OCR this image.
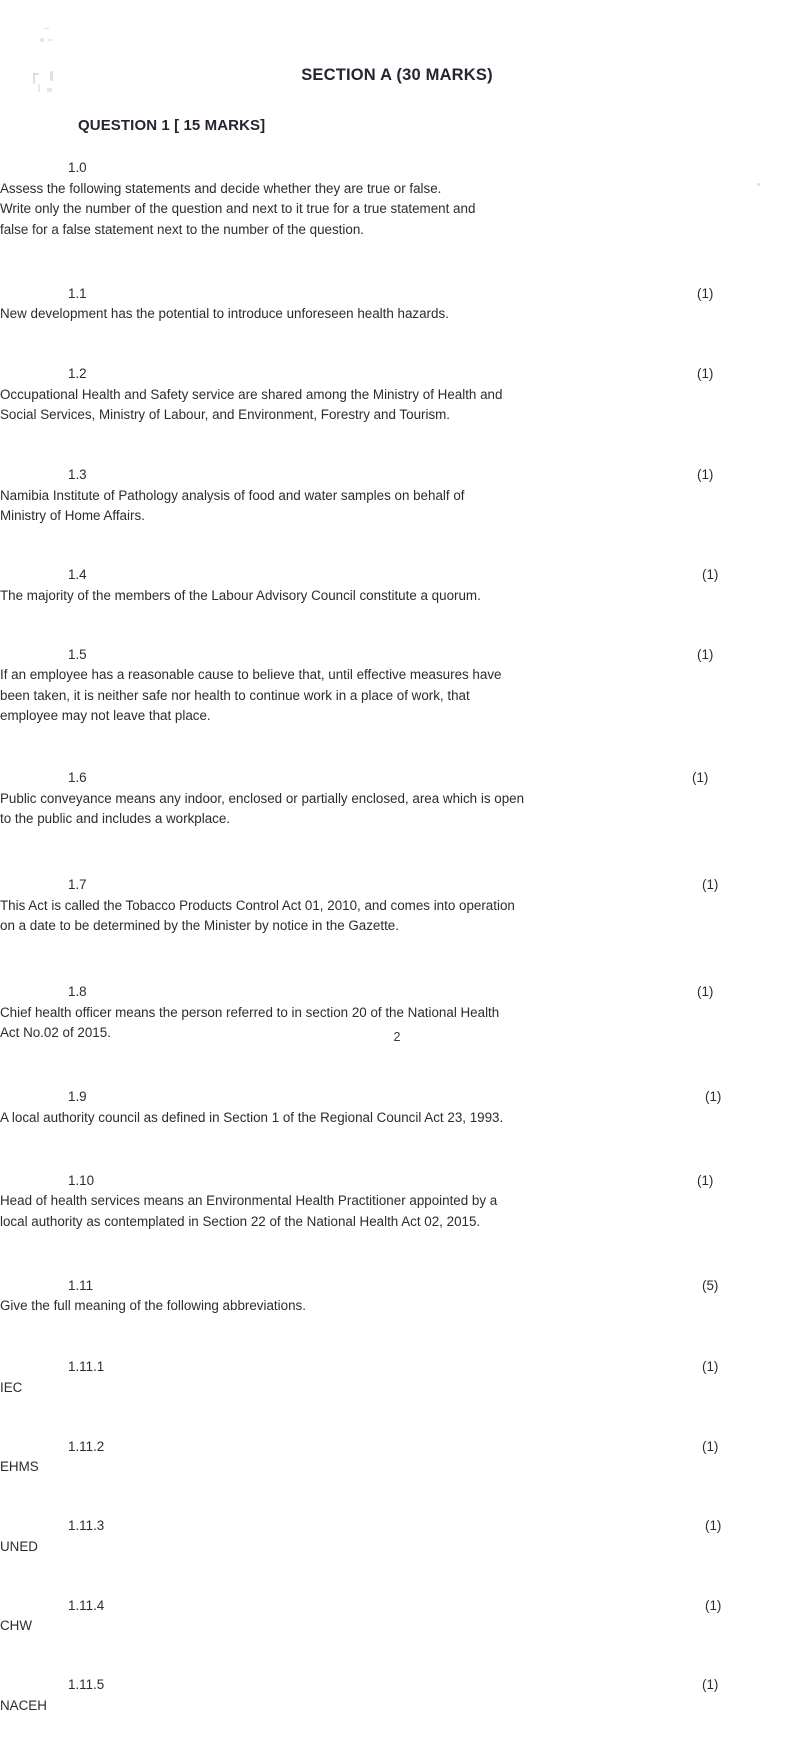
SECTION A (30 MARKS)
QUESTION 1 [ 15 MARKS]
1.0
Assess the following statements and decide whether they are true or false.
Write only the number of the question and next to it true for a true statement and
false for a false statement next to the number of the question.
1.1
New development has the potential to introduce unforeseen health hazards.
(1)
1.2
Occupational Health and Safety service are shared among the Ministry of Health and
Social Services, Ministry of Labour, and Environment, Forestry and Tourism.
(1)
1.3
Namibia Institute of Pathology analysis of food and water samples on behalf of
Ministry of Home Affairs.
(1)
1.4
The majority of the members of the Labour Advisory Council constitute a quorum.
(1)
1.5
If an employee has a reasonable cause to believe that, until effective measures have
been taken, it is neither safe nor health to continue work in a place of work, that
employee may not leave that place.
(1)
1.6
Public conveyance means any indoor, enclosed or partially enclosed, area which is open
to the public and includes a workplace.
(1)
1.7
This Act is called the Tobacco Products Control Act 01, 2010, and comes into operation
on a date to be determined by the Minister by notice in the Gazette.
(1)
1.8
Chief health officer means the person referred to in section 20 of the National Health
Act No.02 of 2015.
(1)
1.9
A local authority council as defined in Section 1 of the Regional Council Act 23, 1993.
(1)
1.10
Head of health services means an Environmental Health Practitioner appointed by a
local authority as contemplated in Section 22 of the National Health Act 02, 2015.
(1)
1.11
Give the full meaning of the following abbreviations.
(5)
1.11.1
IEC
(1)
1.11.2
EHMS
(1)
1.11.3
UNED
(1)
1.11.4
CHW
(1)
1.11.5
NACEH
(1)
2
